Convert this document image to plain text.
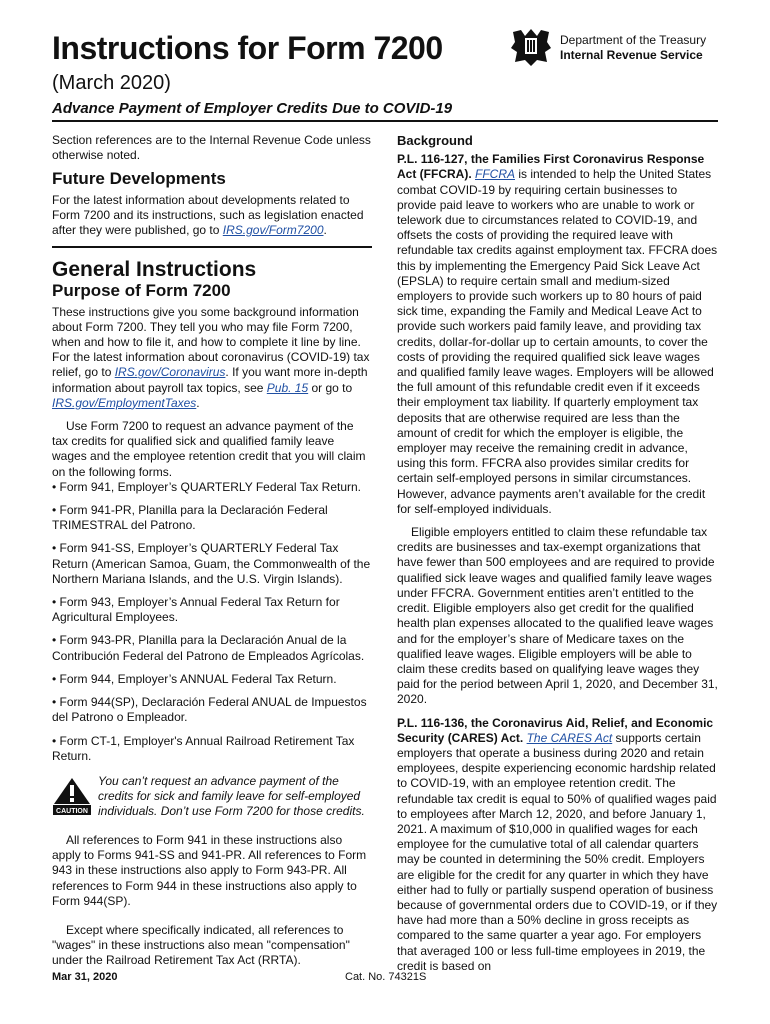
Instructions for Form 7200
(March 2020)
Advance Payment of Employer Credits Due to COVID-19
Department of the Treasury
Internal Revenue Service

Section references are to the Internal Revenue Code unless otherwise noted.

Future Developments

For the latest information about developments related to Form 7200 and its instructions, such as legislation enacted after they were published, go to IRS.gov/Form7200.

General Instructions
Purpose of Form 7200

These instructions give you some background information about Form 7200. They tell you who may file Form 7200, when and how to file it, and how to complete it line by line. For the latest information about coronavirus (COVID-19) tax relief, go to IRS.gov/Coronavirus. If you want more in-depth information about payroll tax topics, see Pub. 15 or go to IRS.gov/EmploymentTaxes.

Use Form 7200 to request an advance payment of the tax credits for qualified sick and qualified family leave wages and the employee retention credit that you will claim on the following forms.

• Form 941, Employer’s QUARTERLY Federal Tax Return.

• Form 941-PR, Planilla para la Declaración Federal TRIMESTRAL del Patrono.

• Form 941-SS, Employer’s QUARTERLY Federal Tax Return (American Samoa, Guam, the Commonwealth of the Northern Mariana Islands, and the U.S. Virgin Islands).

• Form 943, Employer’s Annual Federal Tax Return for Agricultural Employees.

• Form 943-PR, Planilla para la Declaración Anual de la Contribución Federal del Patrono de Empleados Agrícolas.

• Form 944, Employer’s ANNUAL Federal Tax Return.

• Form 944(SP), Declaración Federal ANUAL de Impuestos del Patrono o Empleador.

• Form CT-1, Employer's Annual Railroad Retirement Tax Return.

CAUTION
You can’t request an advance payment of the credits for sick and family leave for self-employed individuals. Don’t use Form 7200 for those credits.

All references to Form 941 in these instructions also apply to Forms 941-SS and 941-PR. All references to Form 943 in these instructions also apply to Form 943-PR. All references to Form 944 in these instructions also apply to Form 944(SP).

Except where specifically indicated, all references to "wages" in these instructions also mean "compensation" under the Railroad Retirement Tax Act (RRTA).

Background

P.L. 116-127, the Families First Coronavirus Response Act (FFCRA). FFCRA is intended to help the United States combat COVID-19 by requiring certain businesses to provide paid leave to workers who are unable to work or telework due to circumstances related to COVID-19, and offsets the costs of providing the required leave with refundable tax credits against employment tax. FFCRA does this by implementing the Emergency Paid Sick Leave Act (EPSLA) to require certain small and medium-sized employers to provide such workers up to 80 hours of paid sick time, expanding the Family and Medical Leave Act to provide such workers paid family leave, and providing tax credits, dollar-for-dollar up to certain amounts, to cover the costs of providing the required qualified sick leave wages and qualified family leave wages. Employers will be allowed the full amount of this refundable credit even if it exceeds their employment tax liability. If quarterly employment tax deposits that are otherwise required are less than the amount of credit for which the employer is eligible, the employer may receive the remaining credit in advance, using this form. FFCRA also provides similar credits for certain self-employed persons in similar circumstances. However, advance payments aren’t available for the credit for self-employed individuals.

Eligible employers entitled to claim these refundable tax credits are businesses and tax-exempt organizations that have fewer than 500 employees and are required to provide qualified sick leave wages and qualified family leave wages under FFCRA. Government entities aren’t entitled to the credit. Eligible employers also get credit for the qualified health plan expenses allocated to the qualified leave wages and for the employer’s share of Medicare taxes on the qualified leave wages. Eligible employers will be able to claim these credits based on qualifying leave wages they paid for the period between April 1, 2020, and December 31, 2020.

P.L. 116-136, the Coronavirus Aid, Relief, and Economic Security (CARES) Act. The CARES Act supports certain employers that operate a business during 2020 and retain employees, despite experiencing economic hardship related to COVID-19, with an employee retention credit. The refundable tax credit is equal to 50% of qualified wages paid to employees after March 12, 2020, and before January 1, 2021. A maximum of $10,000 in qualified wages for each employee for the cumulative total of all calendar quarters may be counted in determining the 50% credit. Employers are eligible for the credit for any quarter in which they have either had to fully or partially suspend operation of business because of governmental orders due to COVID-19, or if they have had more than a 50% decline in gross receipts as compared to the same quarter a year ago. For employers that averaged 100 or less full-time employees in 2019, the credit is based on

Mar 31, 2020	Cat. No. 74321S
